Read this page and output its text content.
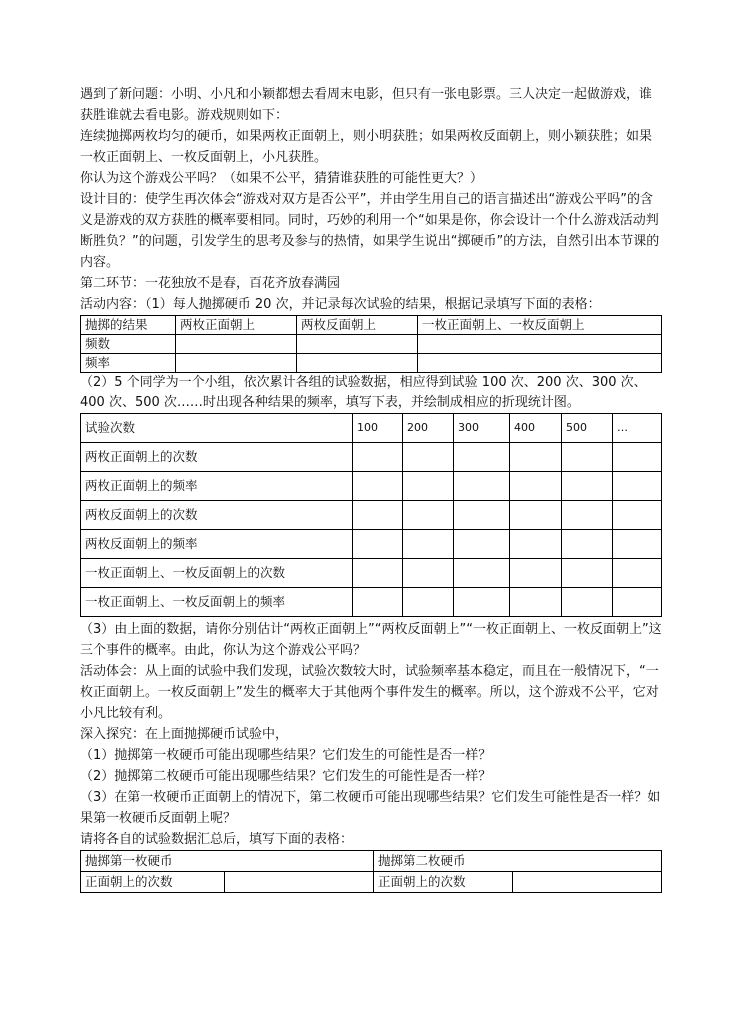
遇到了新问题：小明、小凡和小颖都想去看周末电影，但只有一张电影票。三人决定一起做游戏，谁获胜谁就去看电影。游戏规则如下：

连续抛掷两枚均匀的硬币，如果两枚正面朝上，则小明获胜；如果两枚反面朝上，则小颖获胜；如果一枚正面朝上、一枚反面朝上，小凡获胜。

你认为这个游戏公平吗？（如果不公平，猜猜谁获胜的可能性更大？）

设计目的：使学生再次体会“游戏对双方是否公平”，并由学生用自己的语言描述出“游戏公平吗”的含义是游戏的双方获胜的概率要相同。同时，巧妙的利用一个“如果是你，你会设计一个什么游戏活动判断胜负？”的问题，引发学生的思考及参与的热情，如果学生说出“掷硬币”的方法，自然引出本节课的内容。

第二环节：一花独放不是春，百花齐放春满园

活动内容：（1）每人抛掷硬币 20 次，并记录每次试验的结果，根据记录填写下面的表格：

抛掷的结果	两枚正面朝上	两枚反面朝上	一枚正面朝上、一枚反面朝上
频数			
频率			

（2）5 个同学为一个小组，依次累计各组的试验数据，相应得到试验 100 次、200 次、300 次、400 次、500 次……时出现各种结果的频率，填写下表，并绘制成相应的折现统计图。

试验次数	100	200	300	400	500	…
两枚正面朝上的次数						
两枚正面朝上的频率						
两枚反面朝上的次数						
两枚反面朝上的频率						
一枚正面朝上、一枚反面朝上的次数						
一枚正面朝上、一枚反面朝上的频率						

（3）由上面的数据，请你分别估计“两枚正面朝上”“两枚反面朝上”“一枚正面朝上、一枚反面朝上”这三个事件的概率。由此，你认为这个游戏公平吗？

活动体会：从上面的试验中我们发现，试验次数较大时，试验频率基本稳定，而且在一般情况下，“一枚正面朝上。一枚反面朝上”发生的概率大于其他两个事件发生的概率。所以，这个游戏不公平，它对小凡比较有利。

深入探究：在上面抛掷硬币试验中，

（1）抛掷第一枚硬币可能出现哪些结果？它们发生的可能性是否一样？

（2）抛掷第二枚硬币可能出现哪些结果？它们发生的可能性是否一样？

（3）在第一枚硬币正面朝上的情况下，第二枚硬币可能出现哪些结果？它们发生可能性是否一样？如果第一枚硬币反面朝上呢？

请将各自的试验数据汇总后，填写下面的表格：

抛掷第一枚硬币		抛掷第二枚硬币	
正面朝上的次数		正面朝上的次数	
